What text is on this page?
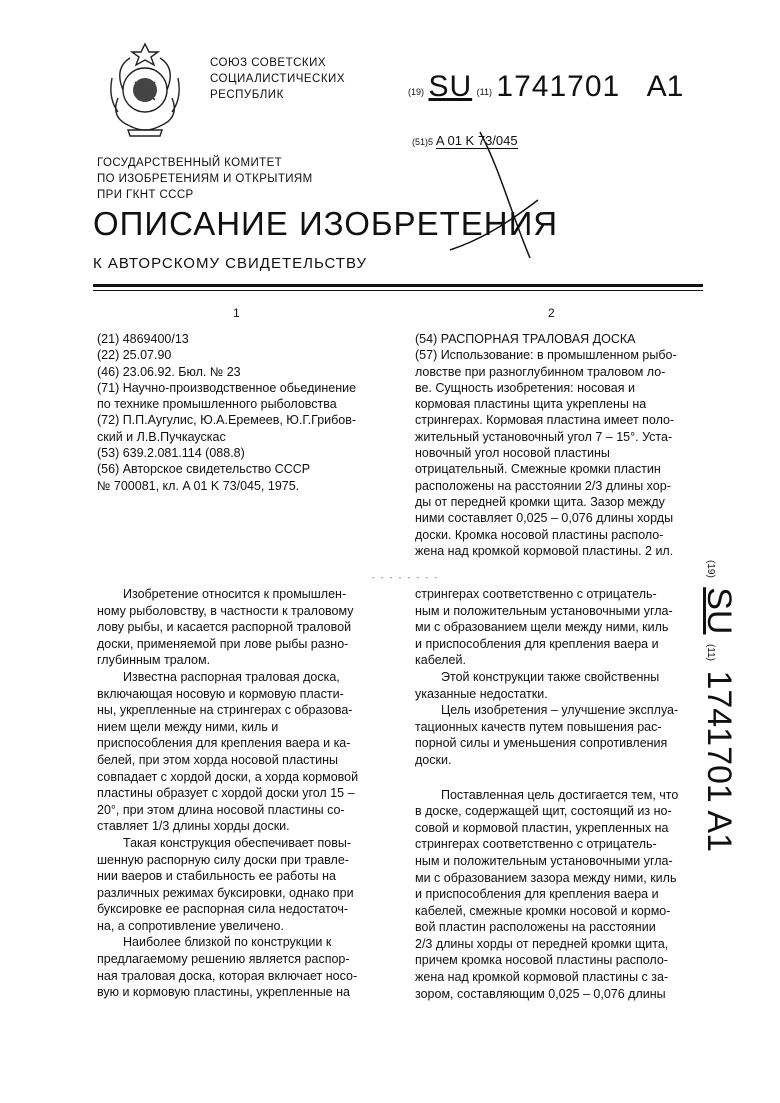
СОЮЗ СОВЕТСКИХ
СОЦИАЛИСТИЧЕСКИХ
РЕСПУБЛИК	(19) SU (11) 1741701 A1
(51)5 A 01 K 73/045
ГОСУДАРСТВЕННЫЙ КОМИТЕТ
ПО ИЗОБРЕТЕНИЯМ И ОТКРЫТИЯМ
ПРИ ГКНТ СССР
ОПИСАНИЕ ИЗОБРЕТЕНИЯ
К АВТОРСКОМУ СВИДЕТЕЛЬСТВУ
1	2
(21) 4869400/13
(22) 25.07.90
(46) 23.06.92. Бюл. № 23
(71) Научно-производственное обьединение
по технике промышленного рыболовства
(72) П.П.Аугулис, Ю.А.Еремеев, Ю.Г.Грибов-
ский и Л.В.Пучкаускас
(53) 639.2.081.114 (088.8)
(56) Авторское свидетельство СССР
№ 700081, кл. A 01 K 73/045, 1975.
(54) РАСПОРНАЯ ТРАЛОВАЯ ДОСКА
(57) Использование: в промышленном рыбо-
ловстве при разноглубинном траловом ло-
ве. Сущность изобретения: носовая и
кормовая пластины щита укреплены на
стрингерах. Кормовая пластина имеет поло-
жительный установочный угол 7 – 15°. Уста-
новочный угол носовой пластины
отрицательный. Смежные кромки пластин
расположены на расстоянии 2/3 длины хор-
ды от передней кромки щита. Зазор между
ними составляет 0,025 – 0,076 длины хорды
доски. Кромка носовой пластины располо-
жена над кромкой кормовой пластины. 2 ил.
- - - - - - - -	(19) SU (11) 1741701 A1
Изобретение относится к промышлен-
ному рыболовству, в частности к траловому
лову рыбы, и касается распорной траловой
доски, применяемой при лове рыбы разно-
глубинным тралом.
Известна распорная траловая доска,
включающая носовую и кормовую пласти-
ны, укрепленные на стрингерах с образова-
нием щели между ними, киль и
приспособления для крепления ваера и ка-
белей, при этом хорда носовой пластины
совпадает с хордой доски, а хорда кормовой
пластины образует с хордой доски угол 15 –
20°, при этом длина носовой пластины со-
ставляет 1/3 длины хорды доски.
Такая конструкция обеспечивает повы-
шенную распорную силу доски при травле-
нии ваеров и стабильность ее работы на
различных режимах буксировки, однако при
буксировке ее распорная сила недостаточ-
на, а сопротивление увеличено.
Наиболее близкой по конструкции к
предлагаемому решению является распор-
ная траловая доска, которая включает носо-
вую и кормовую пластины, укрепленные на
стрингерах соответственно с отрицатель-
ным и положительным установочными угла-
ми с образованием щели между ними, киль
и приспособления для крепления ваера и
кабелей.
Этой конструкции также свойственны
указанные недостатки.
Цель изобретения – улучшение эксплуа-
тационных качеств путем повышения рас-
порной силы и уменьшения сопротивления
доски.
Поставленная цель достигается тем, что
в доске, содержащей щит, состоящий из но-
совой и кормовой пластин, укрепленных на
стрингерах соответственно с отрицатель-
ным и положительным установочными угла-
ми с образованием зазора между ними, киль
и приспособления для крепления ваера и
кабелей, смежные кромки носовой и кормо-
вой пластин расположены на расстоянии
2/3 длины хорды от передней кромки щита,
причем кромка носовой пластины располо-
жена над кромкой кормовой пластины с за-
зором, составляющим 0,025 – 0,076 длины
